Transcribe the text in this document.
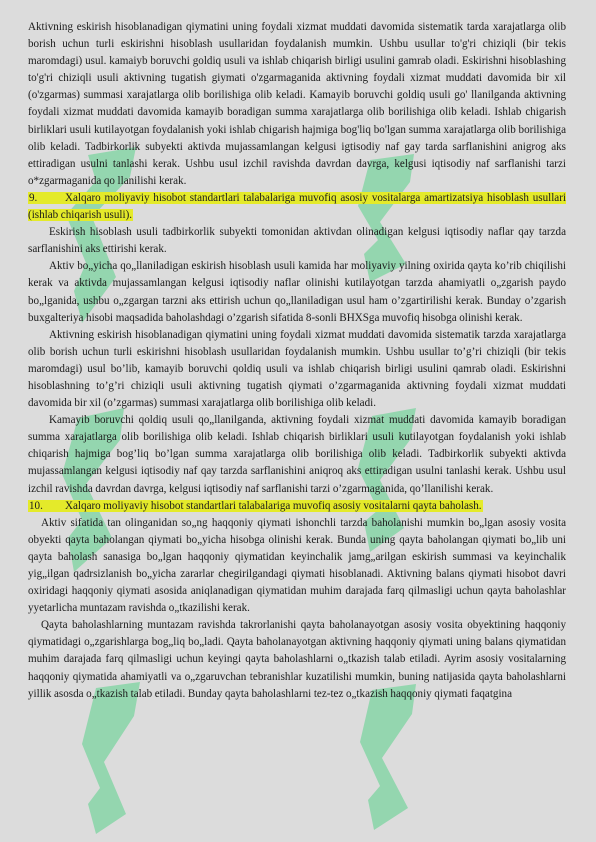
Aktivning eskirish hisoblanadigan qiymatini uning foydali xizmat muddati davomida sistematik tarda xarajatlarga olib borish uchun turli eskirishni hisoblash usullaridan foydalanish mumkin. Ushbu usullar to'g'ri chiziqli (bir tekis maromdagi) usul. kamaiyb boruvchi goldiq usuli va ishlab chiqarish birligi usulini gamrab oladi. Eskirishni hisoblashing to'g'ri chiziqli usuli aktivning tugatish giymati o'zgarmaganida aktivning foydali xizmat muddati davomida bir xil (o'zgarmas) summasi xarajatlarga olib borilishiga olib keladi. Kamayib boruvchi goldiq usuli go' llanilganda aktivning foydali xizmat muddati davomida kamayib boradigan summa xarajatlarga olib borilishiga olib keladi. Ishlab chigarish birliklari usuli kutilayotgan foydalanish yoki ishlab chigarish hajmiga bog'liq bo'lgan summa xarajatlarga olib borilishiga olib keladi. Tadbirkorlik subyekti aktivda mujassamlangan kelgusi igtisodiy naf gay tarda sarflanishini anigrog aks ettiradigan usulni tanlashi kerak. Ushbu usul izchil ravishda davrdan davrga, kelgusi iqtisodiy naf sarflanishi tarzi o*zgarmaganida qo llanilishi kerak.

9. Xalqaro moliyaviy hisobot standartlari talabalariga muvofiq asosiy vositalarga amartizatsiya hisoblash usullari (ishlab chiqarish usuli).

Eskirish hisoblash usuli tadbirkorlik subyekti tomonidan aktivdan olinadigan kelgusi iqtisodiy naflar qay tarzda sarflanishini aks ettirishi kerak.

Aktiv bo„yicha qo„llaniladigan eskirish hisoblash usuli kamida har moliyaviy yilning oxirida qayta ko’rib chiqilishi kerak va aktivda mujassamlangan kelgusi iqtisodiy naflar olinishi kutilayotgan tarzda ahamiyatli o„zgarish paydo bo„lganida, ushbu o„zgargan tarzni aks ettirish uchun qo„llaniladigan usul ham o’zgartirilishi kerak. Bunday o’zgarish buxgalteriya hisobi maqsadida baholashdagi o’zgarish sifatida 8-sonli BHXSga muvofiq hisobga olinishi kerak.

Aktivning eskirish hisoblanadigan qiymatini uning foydali xizmat muddati davomida sistematik tarzda xarajatlarga olib borish uchun turli eskirishni hisoblash usullaridan foydalanish mumkin. Ushbu usullar to’g’ri chiziqli (bir tekis maromdagi) usul bo’lib, kamayib boruvchi qoldiq usuli va ishlab chiqarish birligi usulini qamrab oladi. Eskirishni hisoblashning to’g’ri chiziqli usuli aktivning tugatish qiymati o’zgarmaganida aktivning foydali xizmat muddati davomida bir xil (o’zgarmas) summasi xarajatlarga olib borilishiga olib keladi.

Kamayib boruvchi qoldiq usuli qo„llanilganda, aktivning foydali xizmat muddati davomida kamayib boradigan summa xarajatlarga olib borilishiga olib keladi. Ishlab chiqarish birliklari usuli kutilayotgan foydalanish yoki ishlab chiqarish hajmiga bog’liq bo’lgan summa xarajatlarga olib borilishiga olib keladi. Tadbirkorlik subyekti aktivda mujassamlangan kelgusi iqtisodiy naf qay tarzda sarflanishini aniqroq aks ettiradigan usulni tanlashi kerak. Ushbu usul izchil ravishda davrdan davrga, kelgusi iqtisodiy naf sarflanishi tarzi o’zgarmaganida, qo’llanilishi kerak.

10. Xalqaro moliyaviy hisobot standartlari talabalariga muvofiq asosiy vositalarni qayta baholash.

Aktiv sifatida tan olinganidan so„ng haqqoniy qiymati ishonchli tarzda baholanishi mumkin bo„lgan asosiy vosita obyekti qayta baholangan qiymati bo„yicha hisobga olinishi kerak. Bunda uning qayta baholangan qiymati bo„lib uni qayta baholash sanasiga bo„lgan haqqoniy qiymatidan keyinchalik jamg„arilgan eskirish summasi va keyinchalik yig„ilgan qadrsizlanish bo„yicha zararlar chegirilgandagi qiymati hisoblanadi. Aktivning balans qiymati hisobot davri oxiridagi haqqoniy qiymati asosida aniqlanadigan qiymatidan muhim darajada farq qilmasligi uchun qayta baholashlar yyetarlicha muntazam ravishda o„tkazilishi kerak.

Qayta baholashlarning muntazam ravishda takrorlanishi qayta baholanayotgan asosiy vosita obyektining haqqoniy qiymatidagi o„zgarishlarga bog„liq bo„ladi. Qayta baholanayotgan aktivning haqqoniy qiymati uning balans qiymatidan muhim darajada farq qilmasligi uchun keyingi qayta baholashlarni o„tkazish talab etiladi. Ayrim asosiy vositalarning haqqoniy qiymatida ahamiyatli va o„zgaruvchan tebranishlar kuzatilishi mumkin, buning natijasida qayta baholashlarni yillik asosda o„tkazish talab etiladi. Bunday qayta baholashlarni tez-tez o„tkazish haqqoniy qiymati faqatgina
